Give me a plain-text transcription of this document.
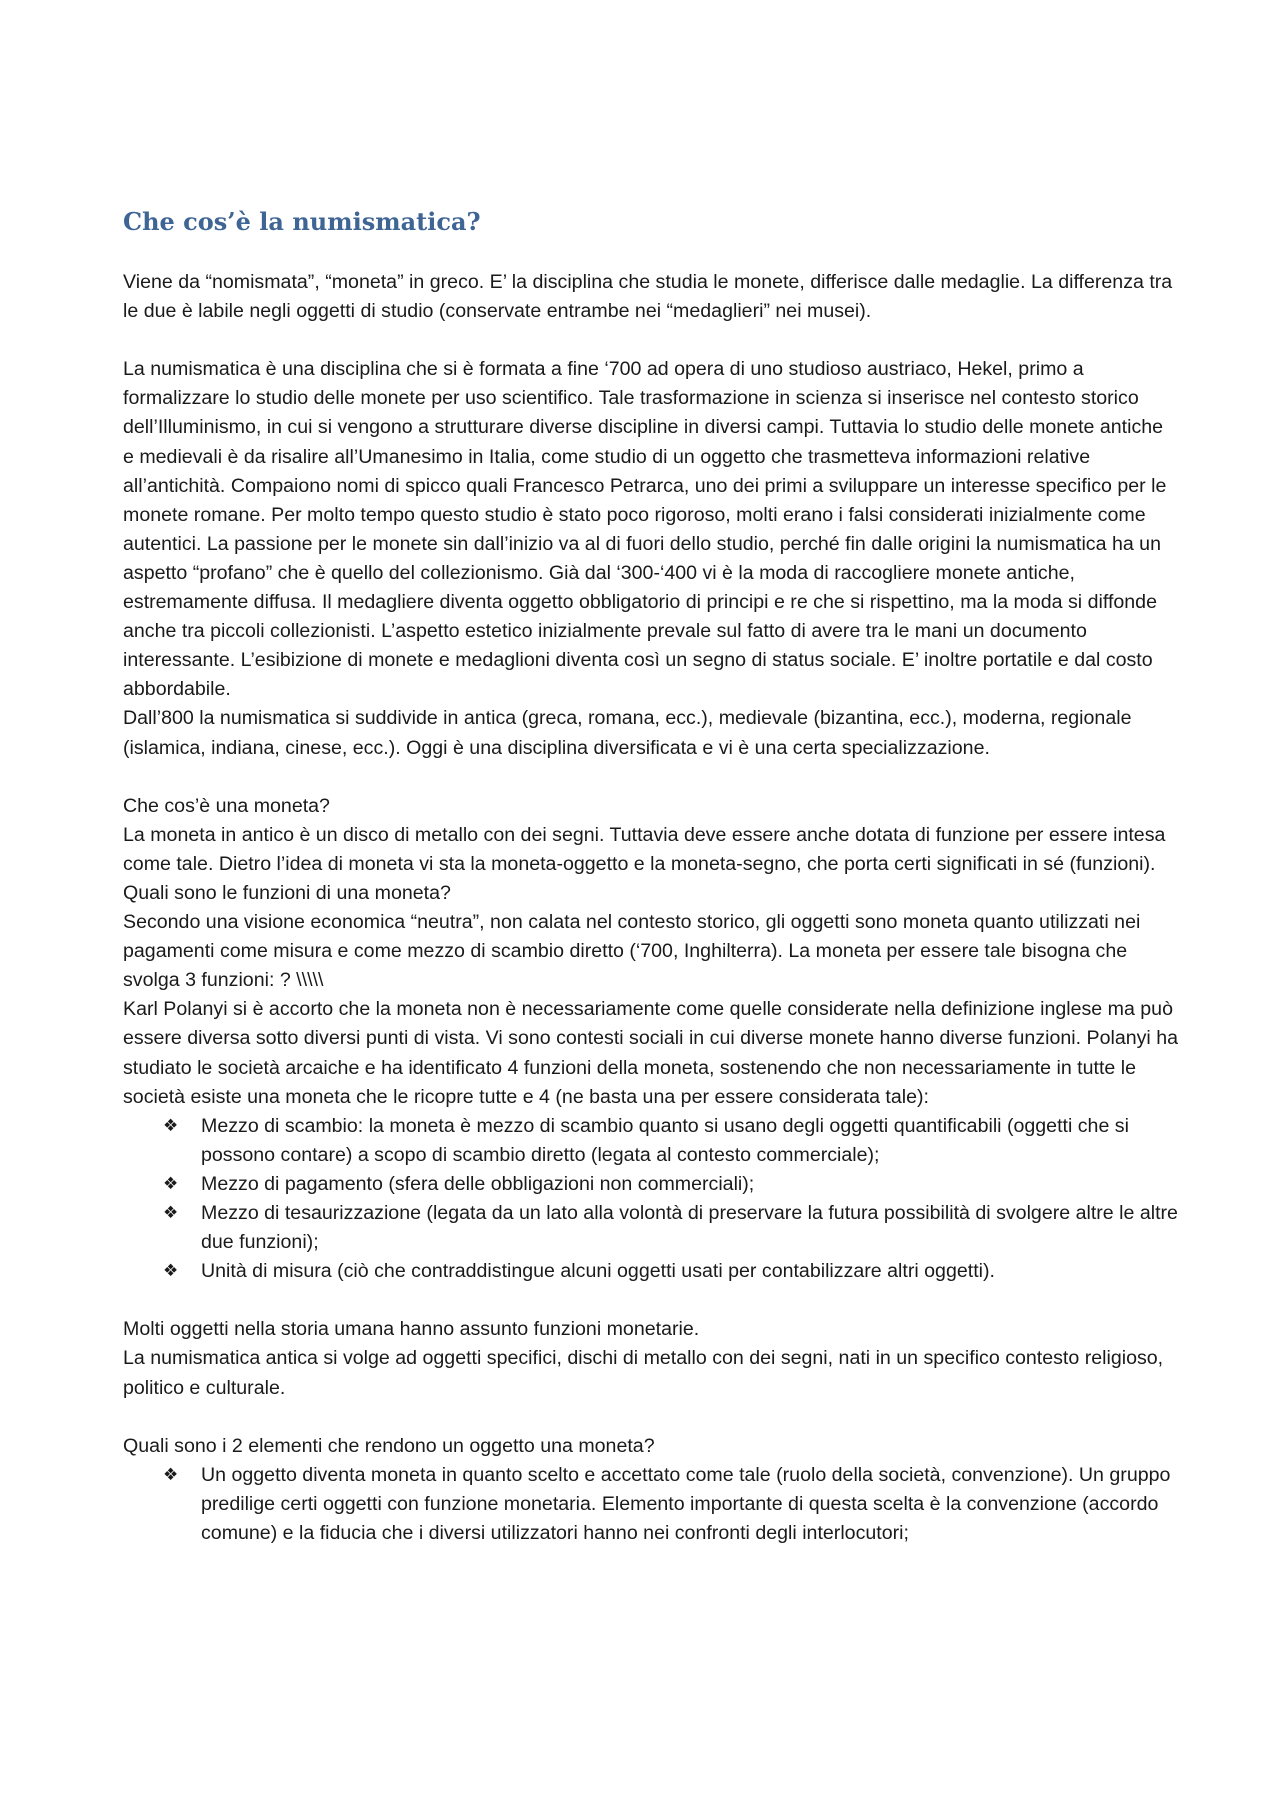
Che cos’è la numismatica?

Viene da “nomismata”, “moneta” in greco. E’ la disciplina che studia le monete, differisce dalle medaglie. La differenza tra le due è labile negli oggetti di studio (conservate entrambe nei “medaglieri” nei musei).

La numismatica è una disciplina che si è formata a fine ‘700 ad opera di uno studioso austriaco, Hekel, primo a formalizzare lo studio delle monete per uso scientifico. Tale trasformazione in scienza si inserisce nel contesto storico dell’Illuminismo, in cui si vengono a strutturare diverse discipline in diversi campi. Tuttavia lo studio delle monete antiche e medievali è da risalire all’Umanesimo in Italia, come studio di un oggetto che trasmetteva informazioni relative all’antichità. Compaiono nomi di spicco quali Francesco Petrarca, uno dei primi a sviluppare un interesse specifico per le monete romane. Per molto tempo questo studio è stato poco rigoroso, molti erano i falsi considerati inizialmente come autentici. La passione per le monete sin dall’inizio va al di fuori dello studio, perché fin dalle origini la numismatica ha un aspetto “profano” che è quello del collezionismo. Già dal ‘300-‘400 vi è la moda di raccogliere monete antiche, estremamente diffusa. Il medagliere diventa oggetto obbligatorio di principi e re che si rispettino, ma la moda si diffonde anche tra piccoli collezionisti. L’aspetto estetico inizialmente prevale sul fatto di avere tra le mani un documento interessante. L’esibizione di monete e medaglioni diventa così un segno di status sociale. E’ inoltre portatile e dal costo abbordabile.

Dall’800 la numismatica si suddivide in antica (greca, romana, ecc.), medievale (bizantina, ecc.), moderna, regionale (islamica, indiana, cinese, ecc.). Oggi è una disciplina diversificata e vi è una certa specializzazione.

Che cos’è una moneta?

La moneta in antico è un disco di metallo con dei segni. Tuttavia deve essere anche dotata di funzione per essere intesa come tale. Dietro l’idea di moneta vi sta la moneta-oggetto e la moneta-segno, che porta certi significati in sé (funzioni).

Quali sono le funzioni di una moneta?

Secondo una visione economica “neutra”, non calata nel contesto storico, gli oggetti sono moneta quanto utilizzati nei pagamenti come misura e come mezzo di scambio diretto (‘700, Inghilterra). La moneta per essere tale bisogna che svolga 3 funzioni: ? \\\\\

Karl Polanyi si è accorto che la moneta non è necessariamente come quelle considerate nella definizione inglese ma può essere diversa sotto diversi punti di vista. Vi sono contesti sociali in cui diverse monete hanno diverse funzioni. Polanyi ha studiato le società arcaiche e ha identificato 4 funzioni della moneta, sostenendo che non necessariamente in tutte le società esiste una moneta che le ricopre tutte e 4 (ne basta una per essere considerata tale):

❖ Mezzo di scambio: la moneta è mezzo di scambio quanto si usano degli oggetti quantificabili (oggetti che si possono contare) a scopo di scambio diretto (legata al contesto commerciale);
❖ Mezzo di pagamento (sfera delle obbligazioni non commerciali);
❖ Mezzo di tesaurizzazione (legata da un lato alla volontà di preservare la futura possibilità di svolgere altre le altre due funzioni);
❖ Unità di misura (ciò che contraddistingue alcuni oggetti usati per contabilizzare altri oggetti).

Molti oggetti nella storia umana hanno assunto funzioni monetarie.

La numismatica antica si volge ad oggetti specifici, dischi di metallo con dei segni, nati in un specifico contesto religioso, politico e culturale.

Quali sono i 2 elementi che rendono un oggetto una moneta?

❖ Un oggetto diventa moneta in quanto scelto e accettato come tale (ruolo della società, convenzione). Un gruppo predilige certi oggetti con funzione monetaria. Elemento importante di questa scelta è la convenzione (accordo comune) e la fiducia che i diversi utilizzatori hanno nei confronti degli interlocutori;
